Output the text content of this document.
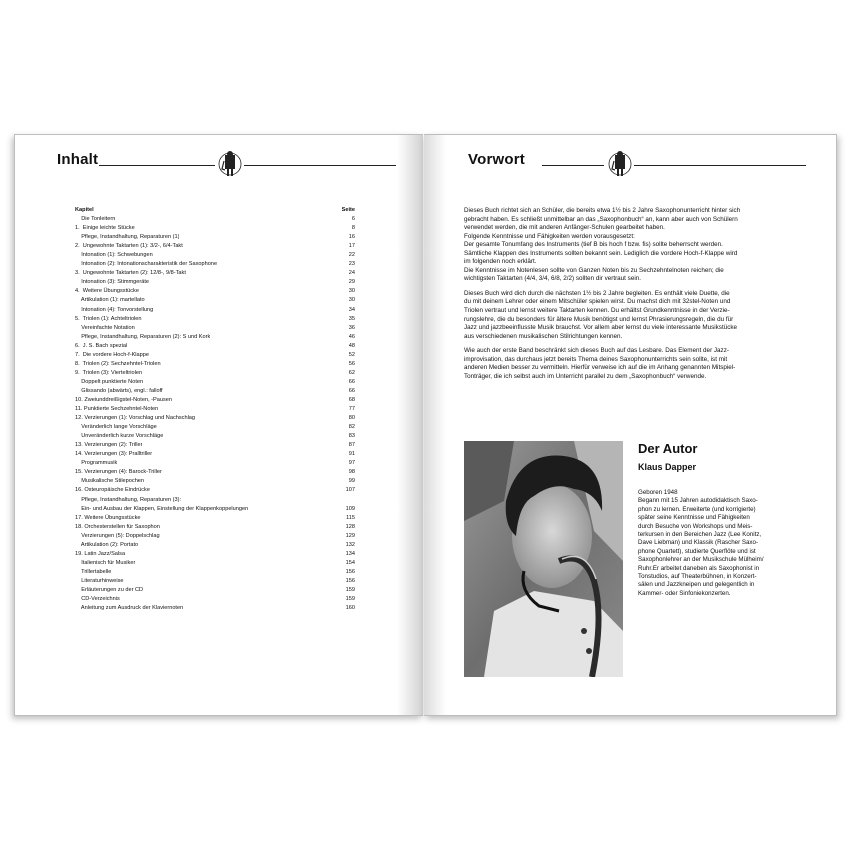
Inhalt
Kapitel	Seite
Die Tonleitern	6
1.  Einige leichte Stücke	8
Pflege, Instandhaltung, Reparaturen (1)	16
2.  Ungewohnte Taktarten (1): 3/2-, 6/4-Takt	17
Intonation (1): Schwebungen	22
Intonation (2): Intonationscharakteristik der Saxophone	23
3.  Ungewohnte Taktarten (2): 12/8-, 9/8-Takt	24
Intonation (3): Stimmgeräte	29
4.  Weitere Übungsstücke	30
Artikulation (1): martellato	30
Intonation (4): Tonvorstellung	34
5.  Triolen (1): Achteltriolen	35
Vereinfachte Notation	36
Pflege, Instandhaltung, Reparaturen (2): S und Kork	46
6.  J. S. Bach spezial	48
7.  Die vordere Hoch-f-Klappe	52
8.  Triolen (2): Sechzehntel-Triolen	56
9.  Triolen (3): Vierteltriolen	62
Doppelt punktierte Noten	66
Glissando (abwärts), engl.: falloff	66
10. Zweiunddreißigstel-Noten, -Pausen	68
11. Punktierte Sechzehntel-Noten	77
12. Verzierungen (1): Vorschlag und Nachschlag	80
Veränderlich lange Vorschläge	82
Unveränderlich kurze Vorschläge	83
13. Verzierungen (2): Triller	87
14. Verzierungen (3): Pralltriller	91
Programmusik	97
15. Verzierungen (4): Barock-Triller	98
Musikalische Stilepochen	99
16. Osteuropäische Eindrücke	107
Pflege, Instandhaltung, Reparaturen (3):
Ein- und Ausbau der Klappen, Einstellung der Klappenkoppelungen	109
17. Weitere Übungsstücke	115
18. Orchesterstellen für Saxophon	128
Verzierungen (5): Doppelschlag	129
Artikulation (2): Portato	132
19. Latin Jazz/Salsa	134
Italienisch für Musiker	154
Trillertabelle	156
Literaturhinweise	156
Erläuterungen zu der CD	159
CD-Verzeichnis	159
Anleitung zum Ausdruck der Klaviernoten	160
Vorwort

Dieses Buch richtet sich an Schüler, die bereits etwa 1½ bis 2 Jahre Saxophonunterricht hinter sich
gebracht haben. Es schließt unmittelbar an das „Saxophonbuch“ an, kann aber auch von Schülern
verwendet werden, die mit anderen Anfänger-Schulen gearbeitet haben.
Folgende Kenntnisse und Fähigkeiten werden vorausgesetzt:
Der gesamte Tonumfang des Instruments (tief B bis hoch f bzw. fis) sollte beherrscht werden.
Sämtliche Klappen des Instruments sollten bekannt sein. Lediglich die vordere Hoch-f-Klappe wird
im folgenden noch erklärt.
Die Kenntnisse im Notenlesen sollte von Ganzen Noten bis zu Sechzehntelnoten reichen; die
wichtigsten Taktarten (4/4, 3/4, 6/8, 2/2) sollten dir vertraut sein.

Dieses Buch wird dich durch die nächsten 1½ bis 2 Jahre begleiten. Es enthält viele Duette, die
du mit deinem Lehrer oder einem Mitschüler spielen wirst. Du machst dich mit 32stel-Noten und
Triolen vertraut und lernst weitere Taktarten kennen. Du erhältst Grundkenntnisse in der Verzie-
rungslehre, die du besonders für ältere Musik benötigst und lernst Phrasierungsregeln, die du für
Jazz und jazzbeeinflusste Musik brauchst. Vor allem aber lernst du viele interessante Musikstücke
aus verschiedenen musikalischen Stilrichtungen kennen.

Wie auch der erste Band beschränkt sich dieses Buch auf das Lesbare. Das Element der Jazz-
improvisation, das durchaus jetzt bereits Thema deines Saxophonunterrichts sein sollte, ist mit
anderen Medien besser zu vermitteln. Hierfür verweise ich auf die im Anhang genannten Mitspiel-
Tonträger, die ich selbst auch im Unterricht parallel zu dem „Saxophonbuch“ verwende.

Der Autor
Klaus Dapper
Geboren 1948
Begann mit 15 Jahren autodidaktisch Saxo-
phon zu lernen. Erweiterte (und korrigierte)
später seine Kenntnisse und Fähigkeiten
durch Besuche von Workshops und Meis-
terkursen in den Bereichen Jazz (Lee Konitz,
Dave Liebman) und Klassik (Rascher Saxo-
phone Quartett), studierte Querflöte und ist
Saxophonlehrer an der Musikschule Mülheim/
Ruhr.Er arbeitet daneben als Saxophonist in
Tonstudios, auf Theaterbühnen, in Konzert-
sälen und Jazzkneipen und gelegentlich in
Kammer- oder Sinfoniekonzerten.
